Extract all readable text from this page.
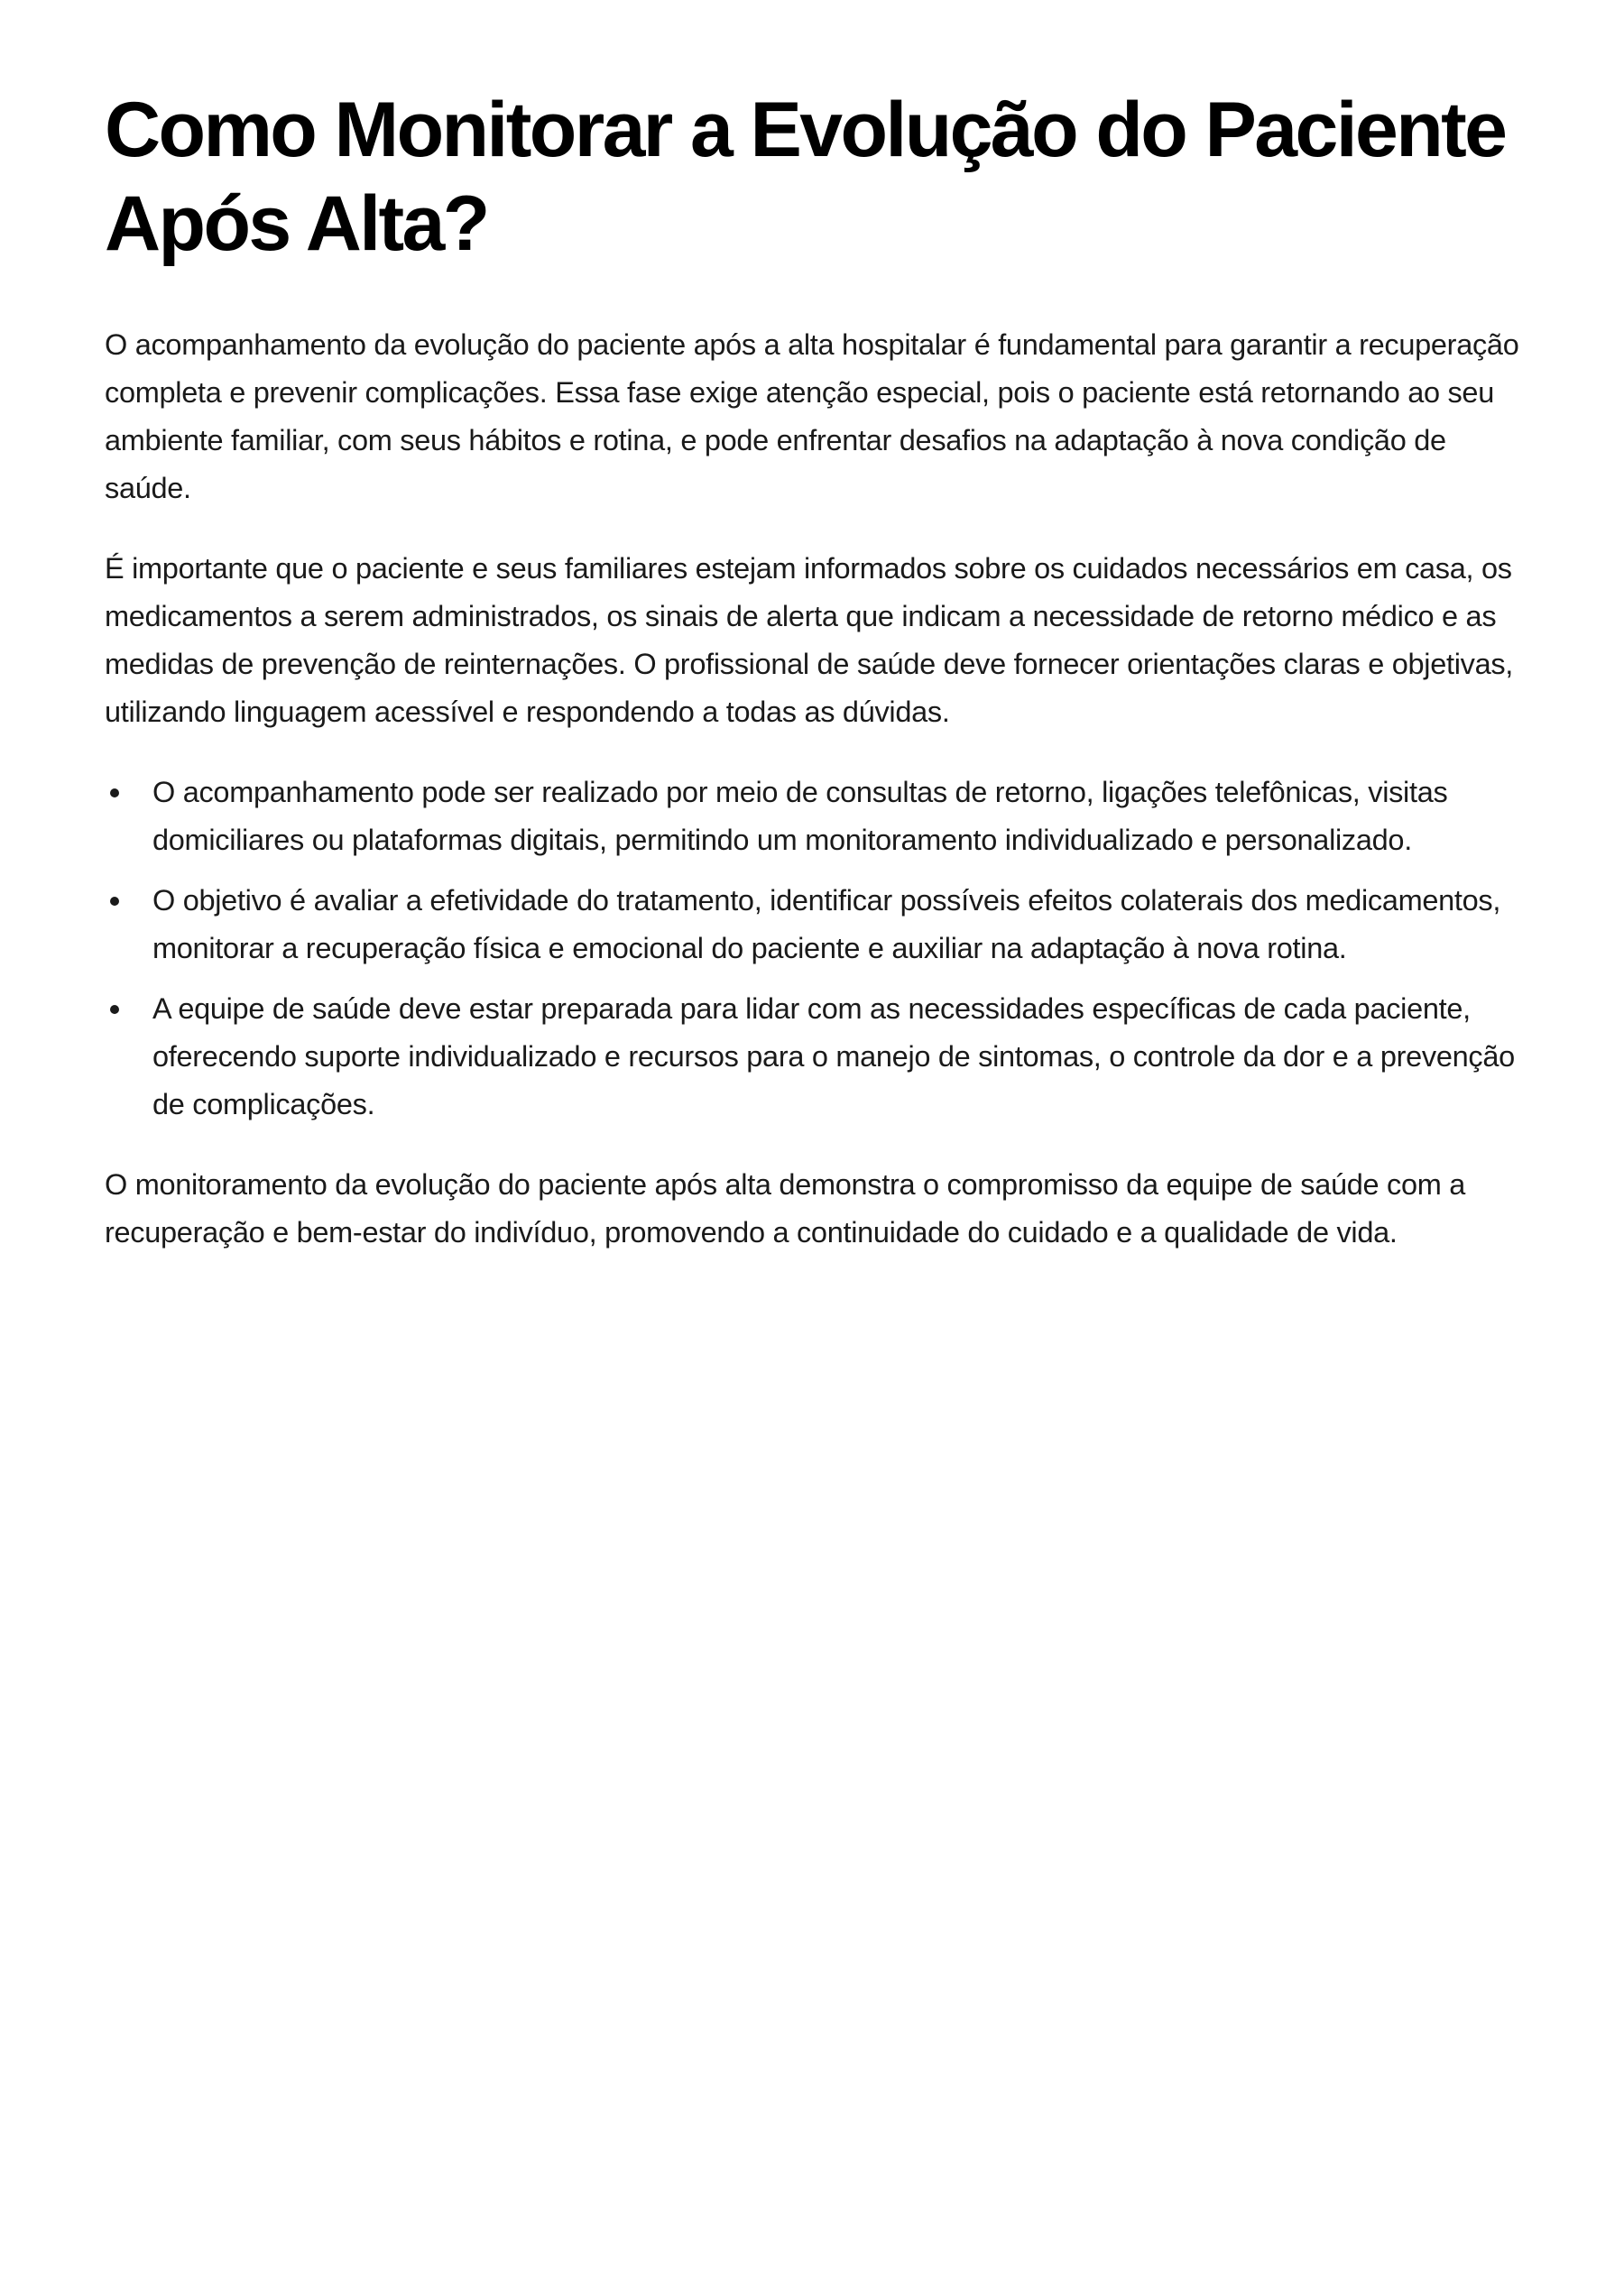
Como Monitorar a Evolução do Paciente Após Alta?

O acompanhamento da evolução do paciente após a alta hospitalar é fundamental para garantir a recuperação completa e prevenir complicações. Essa fase exige atenção especial, pois o paciente está retornando ao seu ambiente familiar, com seus hábitos e rotina, e pode enfrentar desafios na adaptação à nova condição de saúde.

É importante que o paciente e seus familiares estejam informados sobre os cuidados necessários em casa, os medicamentos a serem administrados, os sinais de alerta que indicam a necessidade de retorno médico e as medidas de prevenção de reinternações. O profissional de saúde deve fornecer orientações claras e objetivas, utilizando linguagem acessível e respondendo a todas as dúvidas.

O acompanhamento pode ser realizado por meio de consultas de retorno, ligações telefônicas, visitas domiciliares ou plataformas digitais, permitindo um monitoramento individualizado e personalizado.
O objetivo é avaliar a efetividade do tratamento, identificar possíveis efeitos colaterais dos medicamentos, monitorar a recuperação física e emocional do paciente e auxiliar na adaptação à nova rotina.
A equipe de saúde deve estar preparada para lidar com as necessidades específicas de cada paciente, oferecendo suporte individualizado e recursos para o manejo de sintomas, o controle da dor e a prevenção de complicações.

O monitoramento da evolução do paciente após alta demonstra o compromisso da equipe de saúde com a recuperação e bem-estar do indivíduo, promovendo a continuidade do cuidado e a qualidade de vida.
